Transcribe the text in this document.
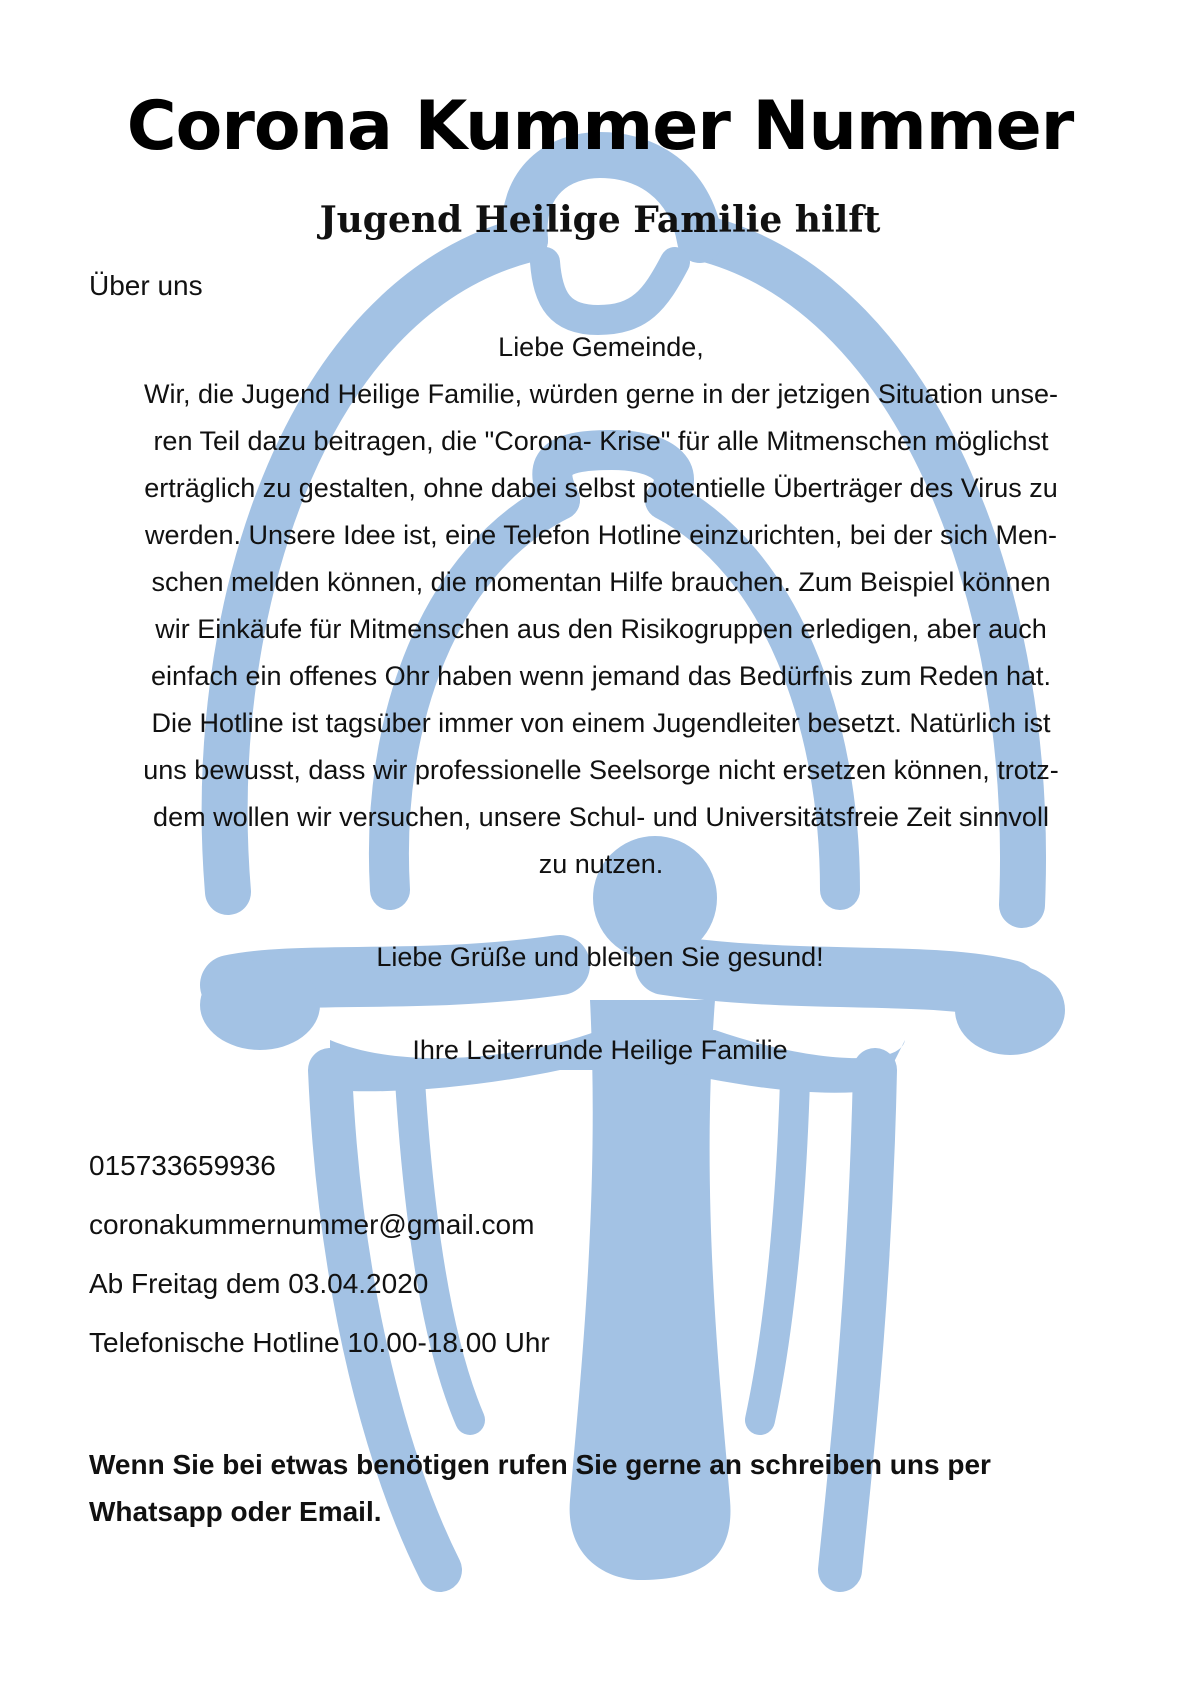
Corona Kummer Nummer
Jugend Heilige Familie hilft

Über uns

Liebe Gemeinde,
Wir, die Jugend Heilige Familie, würden gerne in der jetzigen Situation unse-
ren Teil dazu beitragen, die "Corona- Krise" für alle Mitmenschen möglichst
erträglich zu gestalten, ohne dabei selbst potentielle Überträger des Virus zu
werden. Unsere Idee ist, eine Telefon Hotline einzurichten, bei der sich Men-
schen melden können, die momentan Hilfe brauchen. Zum Beispiel können
wir Einkäufe für Mitmenschen aus den Risikogruppen erledigen, aber auch
einfach ein offenes Ohr haben wenn jemand das Bedürfnis zum Reden hat.
Die Hotline ist tagsüber immer von einem Jugendleiter besetzt. Natürlich ist
uns bewusst, dass wir professionelle Seelsorge nicht ersetzen können, trotz-
dem wollen wir versuchen, unsere Schul- und Universitätsfreie Zeit sinnvoll
zu nutzen.

Liebe Grüße und bleiben Sie gesund!

Ihre Leiterrunde Heilige Familie

015733659936
coronakummernummer@gmail.com
Ab Freitag dem 03.04.2020
Telefonische Hotline 10.00-18.00 Uhr
Wenn Sie bei etwas benötigen rufen Sie gerne an schreiben uns per
Whatsapp oder Email.
